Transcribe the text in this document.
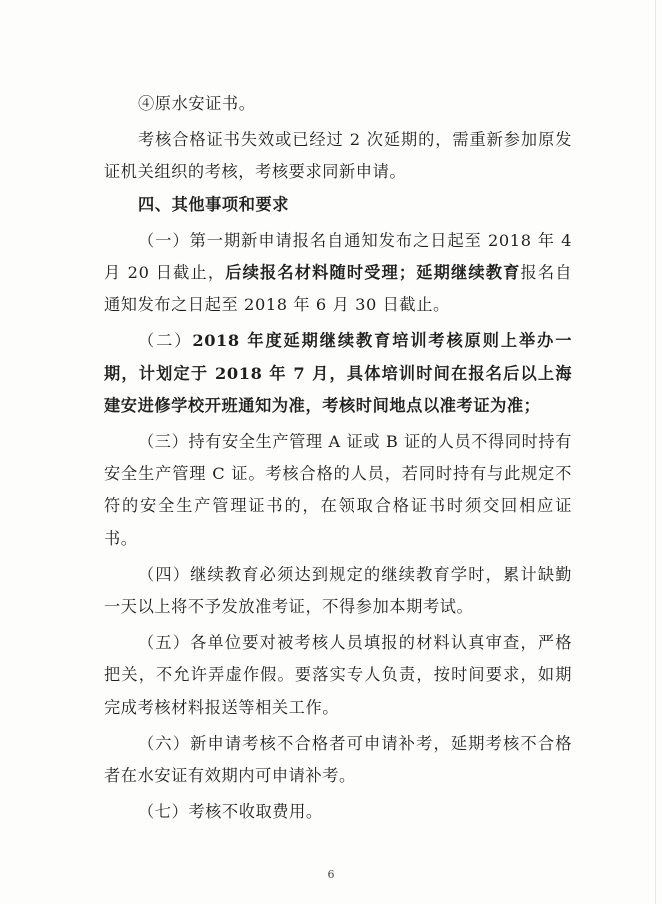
④原水安证书。

考核合格证书失效或已经过 2 次延期的，需重新参加原发证机关组织的考核，考核要求同新申请。

四、其他事项和要求

（一）第一期新申请报名自通知发布之日起至 2018 年 4 月 20 日截止，后续报名材料随时受理；延期继续教育报名自通知发布之日起至 2018 年 6 月 30 日截止。

（二）2018 年度延期继续教育培训考核原则上举办一期，计划定于 2018 年 7 月，具体培训时间在报名后以上海建安进修学校开班通知为准，考核时间地点以准考证为准；

（三）持有安全生产管理 A 证或 B 证的人员不得同时持有安全生产管理 C 证。考核合格的人员，若同时持有与此规定不符的安全生产管理证书的，在领取合格证书时须交回相应证书。

（四）继续教育必须达到规定的继续教育学时，累计缺勤一天以上将不予发放准考证，不得参加本期考试。

（五）各单位要对被考核人员填报的材料认真审查，严格把关，不允许弄虚作假。要落实专人负责，按时间要求，如期完成考核材料报送等相关工作。

（六）新申请考核不合格者可申请补考，延期考核不合格者在水安证有效期内可申请补考。

（七）考核不收取费用。

6
